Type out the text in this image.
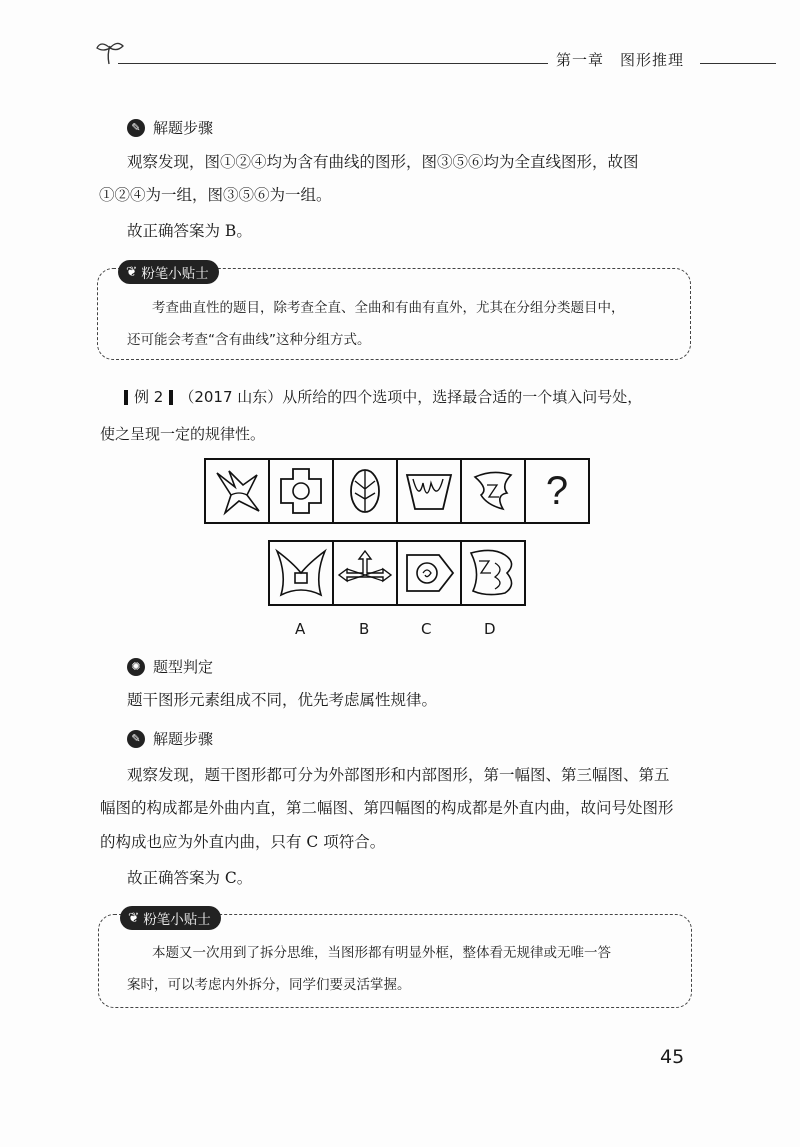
第一章　图形推理
✎ 解题步骤
观察发现，图①②④均为含有曲线的图形，图③⑤⑥均为全直线图形，故图
①②④为一组，图③⑤⑥为一组。
故正确答案为 B。
❦ 粉笔小贴士
考查曲直性的题目，除考查全直、全曲和有曲有直外，尤其在分组分类题目中，
还可能会考查“含有曲线”这种分组方式。
例 2 （2017 山东）从所给的四个选项中，选择最合适的一个填入问号处，
使之呈现一定的规律性。
?
A	B	C	D
✺ 题型判定
题干图形元素组成不同，优先考虑属性规律。
✎ 解题步骤
观察发现，题干图形都可分为外部图形和内部图形，第一幅图、第三幅图、第五
幅图的构成都是外曲内直，第二幅图、第四幅图的构成都是外直内曲，故问号处图形
的构成也应为外直内曲，只有 C 项符合。
故正确答案为 C。
❦ 粉笔小贴士
本题又一次用到了拆分思维，当图形都有明显外框，整体看无规律或无唯一答
案时，可以考虑内外拆分，同学们要灵活掌握。
45
